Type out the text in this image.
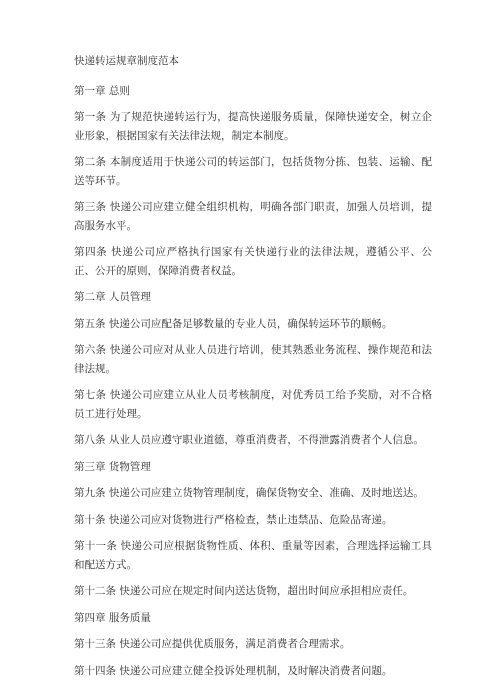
快递转运规章制度范本
第一章 总则
第一条 为了规范快递转运行为，提高快递服务质量，保障快递安全，树立企业形象，根据国家有关法律法规，制定本制度。
第二条 本制度适用于快递公司的转运部门，包括货物分拣、包装、运输、配送等环节。
第三条 快递公司应建立健全组织机构，明确各部门职责，加强人员培训，提高服务水平。
第四条 快递公司应严格执行国家有关快递行业的法律法规，遵循公平、公正、公开的原则，保障消费者权益。
第二章 人员管理
第五条 快递公司应配备足够数量的专业人员，确保转运环节的顺畅。
第六条 快递公司应对从业人员进行培训，使其熟悉业务流程、操作规范和法律法规。
第七条 快递公司应建立从业人员考核制度，对优秀员工给予奖励，对不合格员工进行处理。
第八条 从业人员应遵守职业道德，尊重消费者，不得泄露消费者个人信息。
第三章 货物管理
第九条 快递公司应建立货物管理制度，确保货物安全、准确、及时地送达。
第十条 快递公司应对货物进行严格检查，禁止违禁品、危险品寄递。
第十一条 快递公司应根据货物性质、体积、重量等因素，合理选择运输工具和配送方式。
第十二条 快递公司应在规定时间内送达货物，超出时间应承担相应责任。
第四章 服务质量
第十三条 快递公司应提供优质服务，满足消费者合理需求。
第十四条 快递公司应建立健全投诉处理机制，及时解决消费者问题。
